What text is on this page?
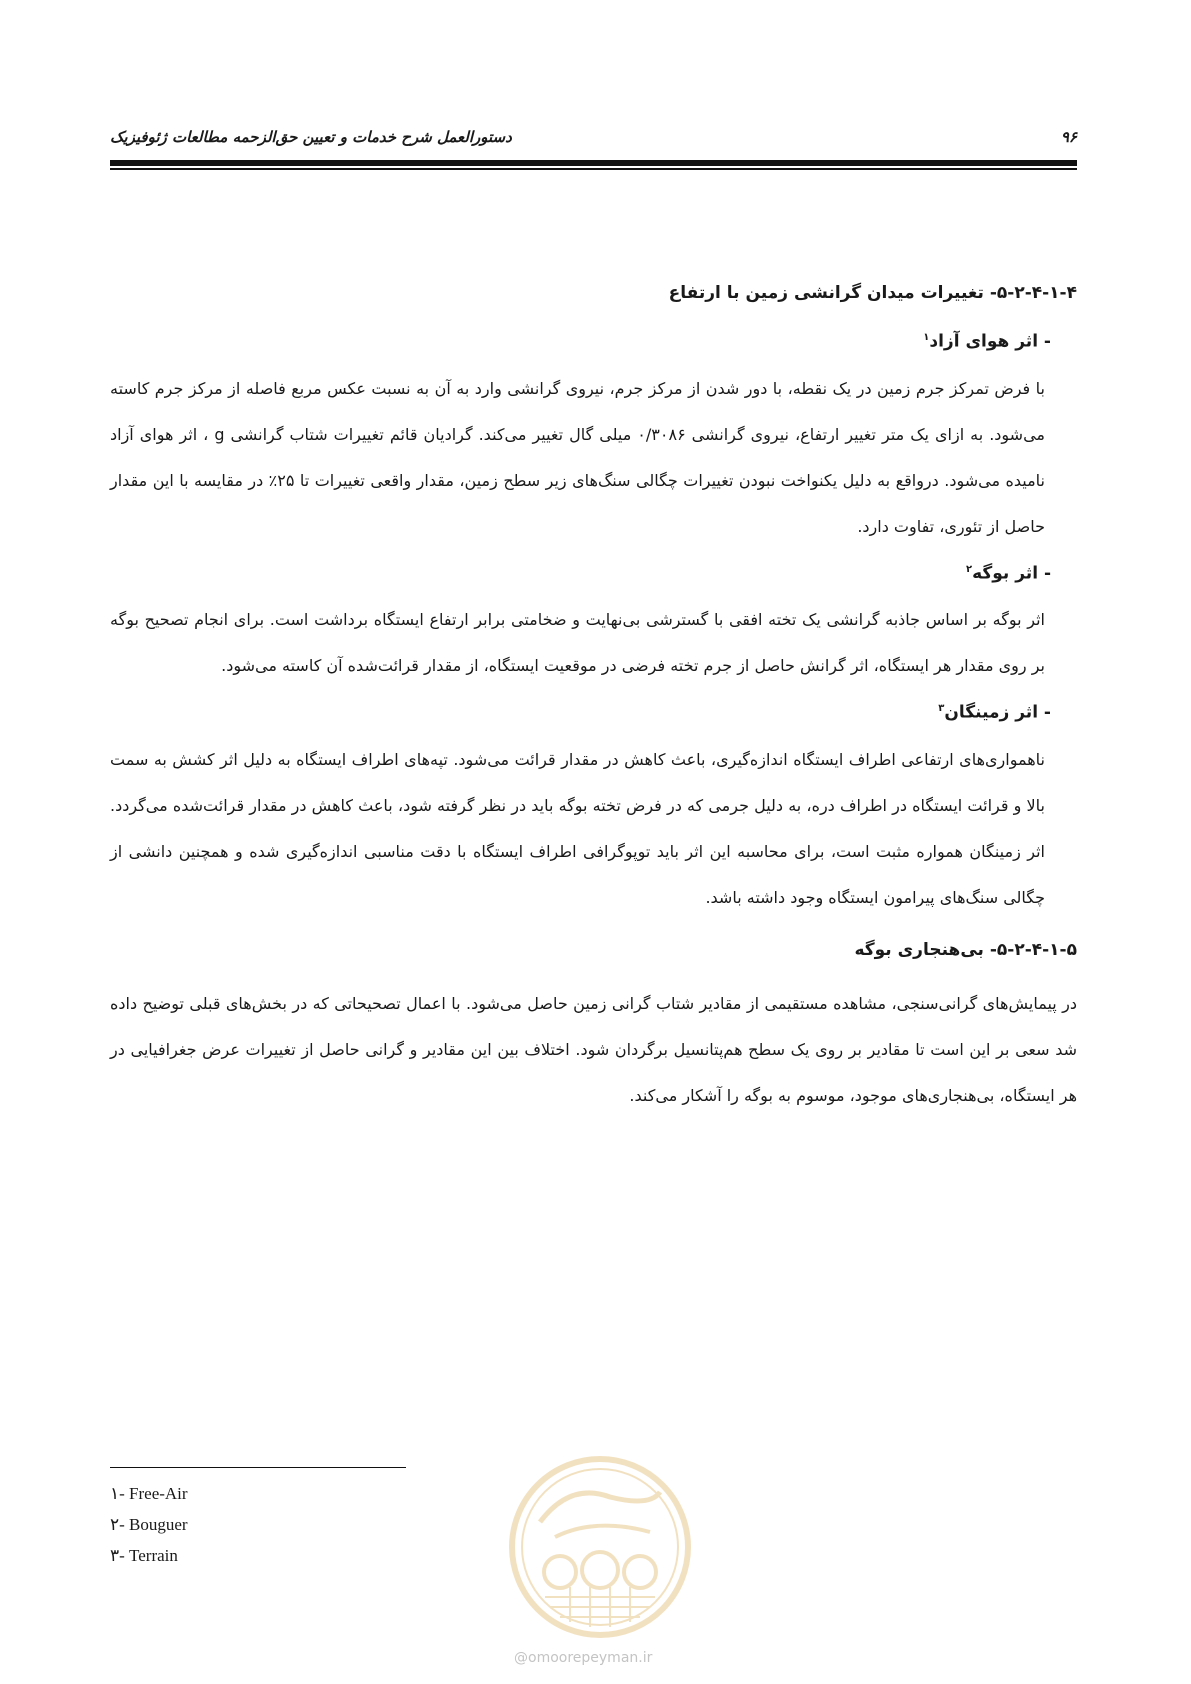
۹۶
دستورالعمل شرح خدمات و تعیین حق‌الزحمه مطالعات ژئوفیزیک
۵-۲-۴-۱-۴- تغییرات میدان گرانشی زمین با ارتفاع
- اثر هوای آزاد$^۱$

با فرض تمرکز جرم زمین در یک نقطه، با دور شدن از مرکز جرم، نیروی گرانشی وارد به آن به نسبت عکس مربع فاصله از مرکز جرم کاسته می‌شود. به ازای یک متر تغییر ارتفاع، نیروی گرانشی ۰/۳۰۸۶ میلی گال تغییر می‌کند. گرادیان قائم تغییرات شتاب گرانشی g ، اثر هوای آزاد نامیده می‌شود. درواقع به دلیل یکنواخت نبودن تغییرات چگالی سنگ‌های زیر سطح زمین، مقدار واقعی تغییرات تا ۲۵٪ در مقایسه با این مقدار حاصل از تئوری، تفاوت دارد.

- اثر بوگه$^۲$

اثر بوگه بر اساس جاذبه گرانشی یک تخته افقی با گسترشی بی‌نهایت و ضخامتی برابر ارتفاع ایستگاه برداشت است. برای انجام تصحیح بوگه بر روی مقدار هر ایستگاه، اثر گرانش حاصل از جرم تخته فرضی در موقعیت ایستگاه، از مقدار قرائت‌شده آن کاسته می‌شود.

- اثر زمینگان$^۳$

ناهمواری‌های ارتفاعی اطراف ایستگاه اندازه‌گیری، باعث کاهش در مقدار قرائت می‌شود. تپه‌های اطراف ایستگاه به دلیل اثر کشش به سمت بالا و قرائت ایستگاه در اطراف دره، به دلیل جرمی که در فرض تخته بوگه باید در نظر گرفته شود، باعث کاهش در مقدار قرائت‌شده می‌گردد. اثر زمینگان همواره مثبت است، برای محاسبه این اثر باید توپوگرافی اطراف ایستگاه با دقت مناسبی اندازه‌گیری شده و همچنین دانشی از چگالی سنگ‌های پیرامون ایستگاه وجود داشته باشد.

۵-۲-۴-۱-۵- بی‌هنجاری بوگه

در پیمایش‌های گرانی‌سنجی، مشاهده مستقیمی از مقادیر شتاب گرانی زمین حاصل می‌شود. با اعمال تصحیحاتی که در بخش‌های قبلی توضیح داده شد سعی بر این است تا مقادیر بر روی یک سطح هم‌پتانسیل برگردان شود. اختلاف بین این مقادیر و گرانی حاصل از تغییرات عرض جغرافیایی در هر ایستگاه، بی‌هنجاری‌های موجود، موسوم به بوگه را آشکار می‌کند.

۱- Free-Air
۲- Bouguer
۳- Terrain
@omoorepeyman.ir
